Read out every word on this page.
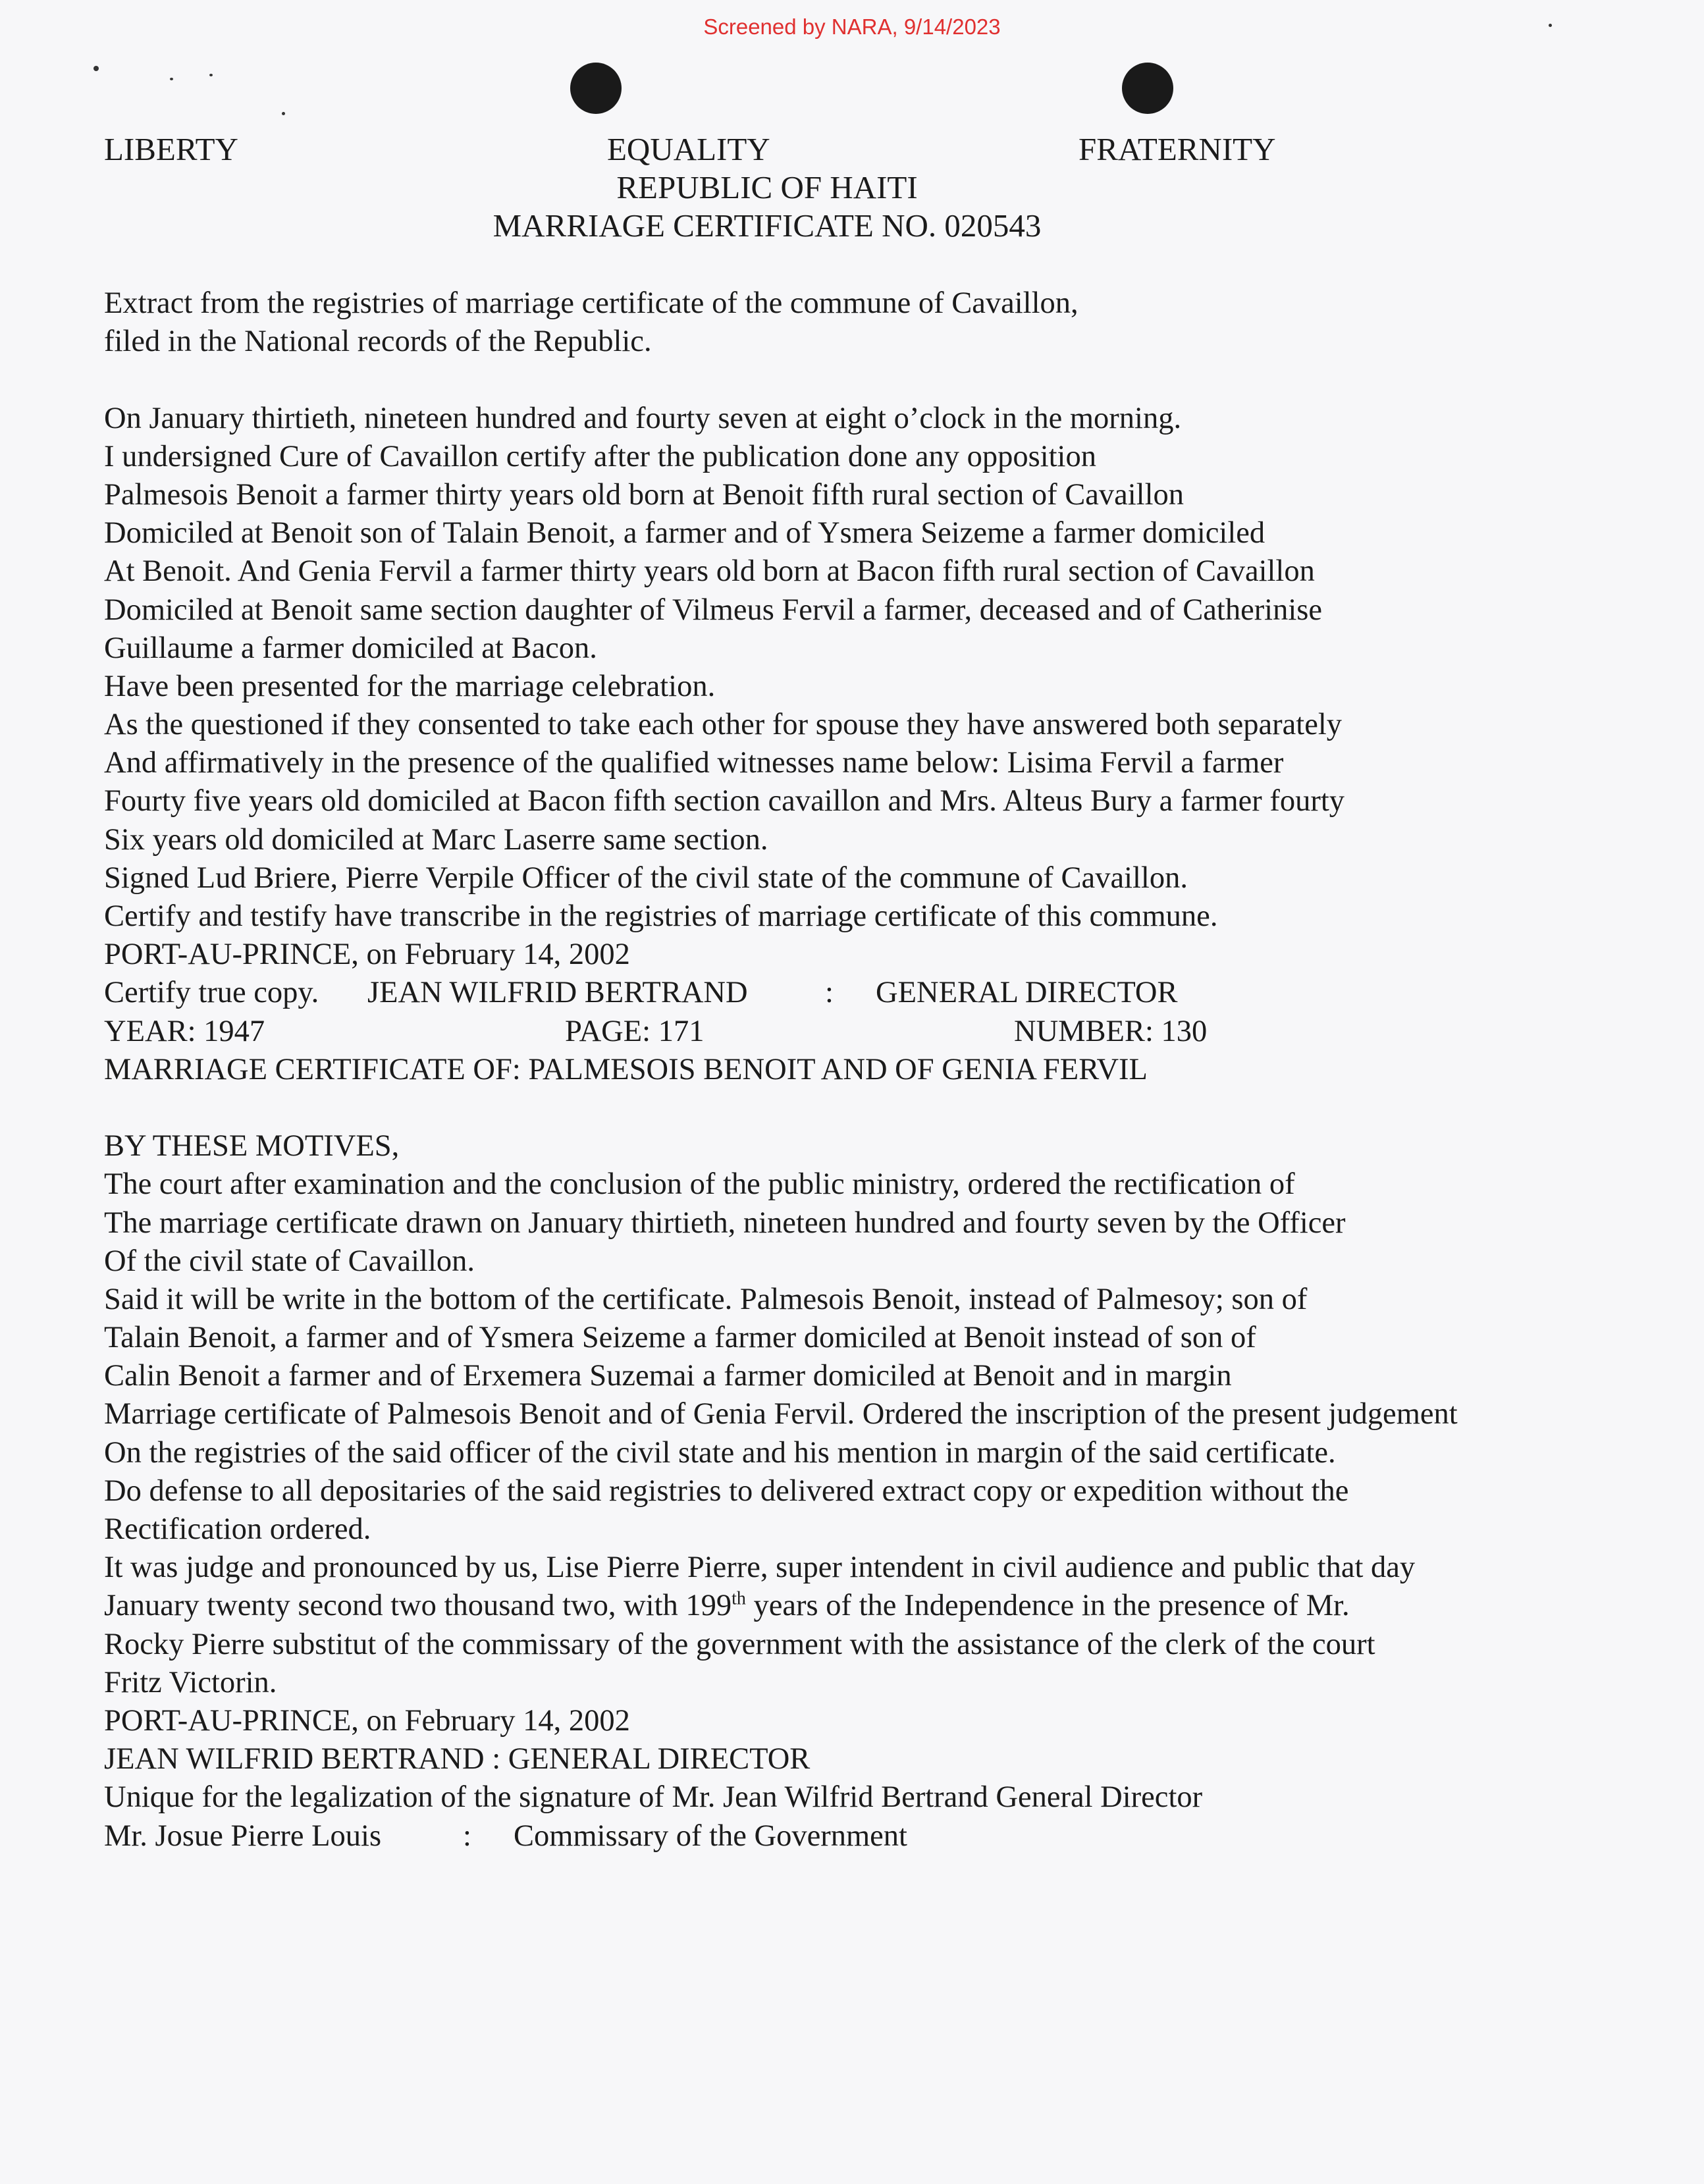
Screened by NARA, 9/14/2023
LIBERTY	EQUALITY	FRATERNITY
REPUBLIC OF HAITI
MARRIAGE CERTIFICATE NO. 020543
Extract from the registries of marriage certificate of the commune of Cavaillon,
filed in the National records of the Republic.
On January thirtieth, nineteen hundred and fourty seven at eight o’clock in the morning.
I undersigned Cure of Cavaillon certify after the publication done any opposition
Palmesois Benoit a farmer thirty years old born at Benoit fifth rural section of Cavaillon
Domiciled at Benoit son of Talain Benoit, a farmer and of Ysmera Seizeme a farmer domiciled
At Benoit. And Genia Fervil a farmer thirty years old born at Bacon fifth rural section of Cavaillon
Domiciled at Benoit same section daughter of Vilmeus Fervil a farmer, deceased and of Catherinise
Guillaume a farmer domiciled at Bacon.
Have been presented for the marriage celebration.
As the questioned if they consented to take each other for spouse they have answered both separately
And affirmatively in the presence of the qualified witnesses name below: Lisima Fervil a farmer
Fourty five years old domiciled at Bacon fifth section cavaillon and Mrs. Alteus Bury a farmer fourty
Six years old domiciled at Marc Laserre same section.
Signed Lud Briere, Pierre Verpile Officer of the civil state of the commune of Cavaillon.
Certify and testify have transcribe in the registries of marriage certificate of this commune.
PORT-AU-PRINCE, on February 14, 2002
Certify true copy. JEAN WILFRID BERTRAND	: GENERAL DIRECTOR
YEAR: 1947	PAGE: 171	NUMBER: 130
MARRIAGE CERTIFICATE OF: PALMESOIS BENOIT AND OF GENIA FERVIL
BY THESE MOTIVES,
The court after examination and the conclusion of the public ministry, ordered the rectification of
The marriage certificate drawn on January thirtieth, nineteen hundred and fourty seven by the Officer
Of the civil state of Cavaillon.
Said it will be write in the bottom of the certificate. Palmesois Benoit, instead of Palmesoy; son of
Talain Benoit, a farmer and of Ysmera Seizeme a farmer domiciled at Benoit instead of son of
Calin Benoit a farmer and of Erxemera Suzemai a farmer domiciled at Benoit and in margin
Marriage certificate of Palmesois Benoit and of Genia Fervil. Ordered the inscription of the present judgement
On the registries of the said officer of the civil state and his mention in margin of the said certificate.
Do defense to all depositaries of the said registries to delivered extract copy or expedition without the
Rectification ordered.
It was judge and pronounced by us, Lise Pierre Pierre, super intendent in civil audience and public that day
January twenty second two thousand two, with 199th years of the Independence in the presence of Mr.
Rocky Pierre substitut of the commissary of the government with the assistance of the clerk of the court
Fritz Victorin.
PORT-AU-PRINCE, on February 14, 2002
JEAN WILFRID BERTRAND : GENERAL DIRECTOR
Unique for the legalization of the signature of Mr. Jean Wilfrid Bertrand General Director
Mr. Josue Pierre Louis	: Commissary of the Government
